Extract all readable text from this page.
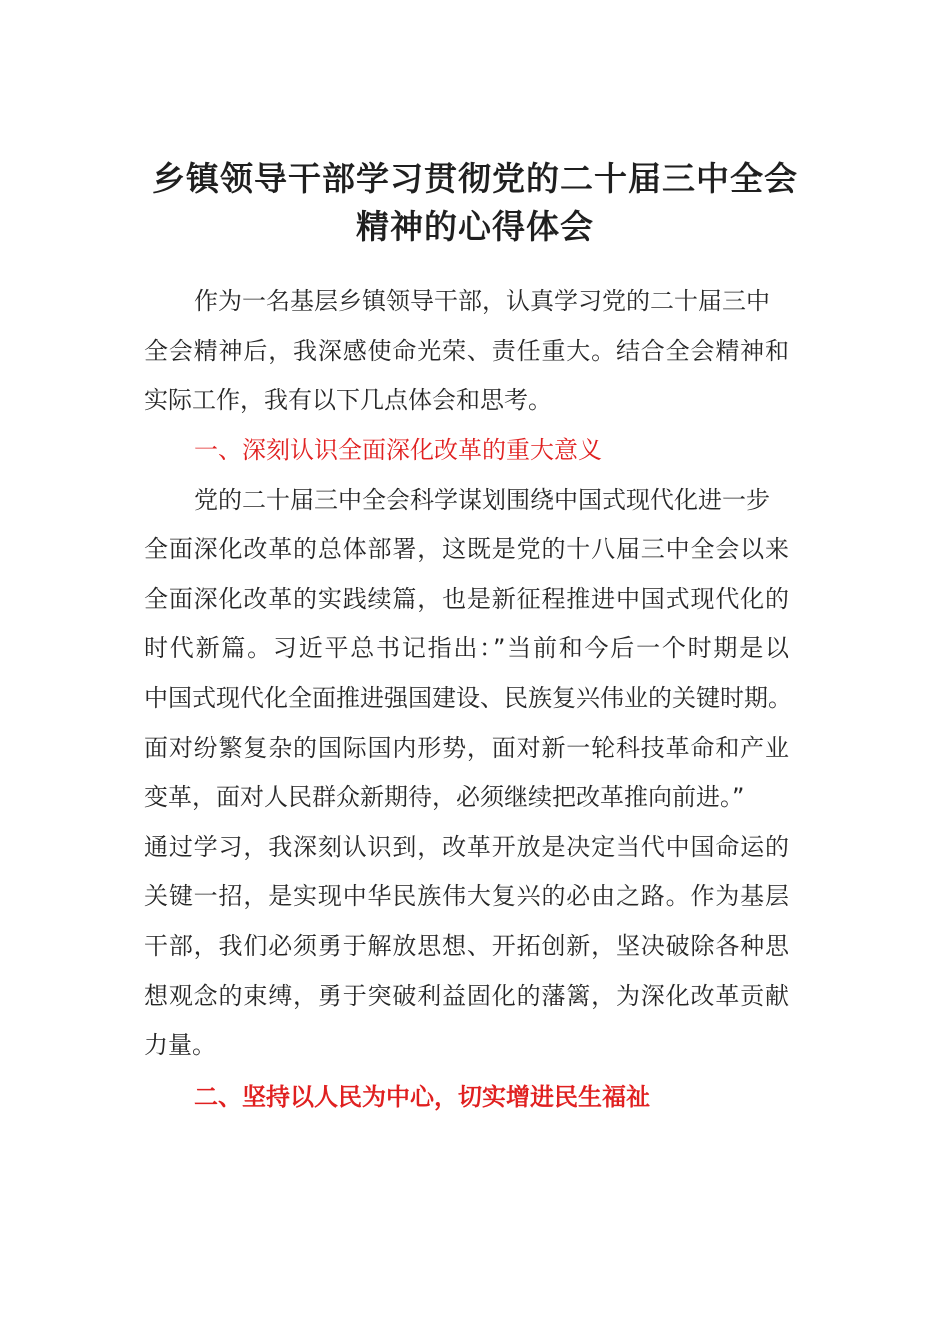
乡镇领导干部学习贯彻党的二十届三中全会
精神的心得体会
作为一名基层乡镇领导干部，认真学习党的二十届三中
全会精神后，我深感使命光荣、责任重大。结合全会精神和
实际工作，我有以下几点体会和思考。
一、深刻认识全面深化改革的重大意义
党的二十届三中全会科学谋划围绕中国式现代化进一步
全面深化改革的总体部署，这既是党的十八届三中全会以来
全面深化改革的实践续篇，也是新征程推进中国式现代化的
时代新篇。习近平总书记指出：”当前和今后一个时期是以
中国式现代化全面推进强国建设、民族复兴伟业的关键时期。
面对纷繁复杂的国际国内形势，面对新一轮科技革命和产业
变革，面对人民群众新期待，必须继续把改革推向前进。”
通过学习，我深刻认识到，改革开放是决定当代中国命运的
关键一招，是实现中华民族伟大复兴的必由之路。作为基层
干部，我们必须勇于解放思想、开拓创新，坚决破除各种思
想观念的束缚，勇于突破利益固化的藩篱，为深化改革贡献
力量。
二、坚持以人民为中心，切实增进民生福祉
